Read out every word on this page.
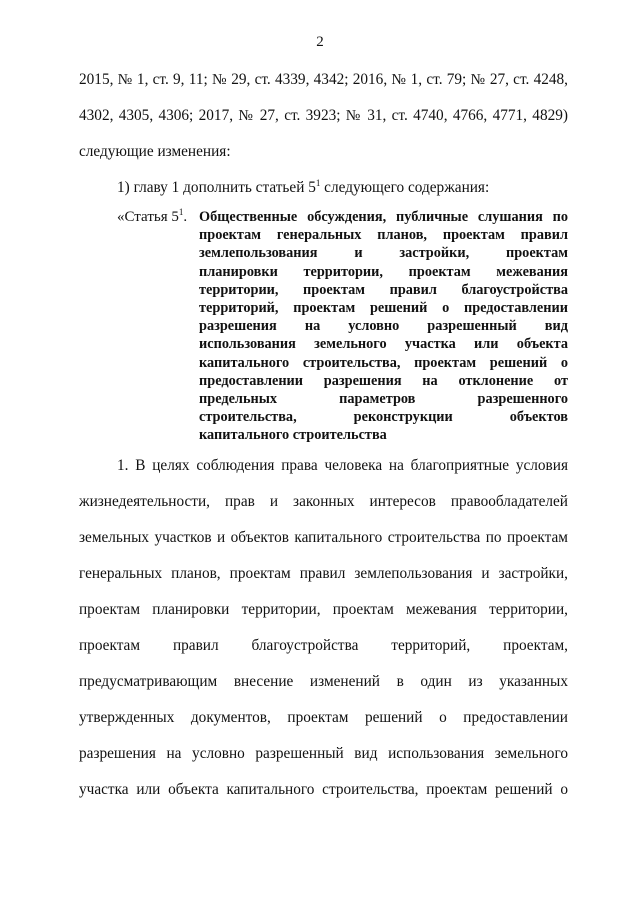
2
2015, № 1, ст. 9, 11; № 29, ст. 4339, 4342; 2016, № 1, ст. 79; № 27, ст. 4248,
4302, 4305, 4306; 2017, № 27, ст. 3923; № 31, ст. 4740, 4766, 4771, 4829)
следующие изменения:
1) главу 1 дополнить статьей $5^1$ следующего содержания:
«Статья $5^1$. Общественные обсуждения, публичные слушания по
проектам генеральных планов, проектам правил
землепользования и застройки, проектам
планировки территории, проектам межевания
территории, проектам правил благоустройства
территорий, проектам решений о предоставлении
разрешения на условно разрешенный вид
использования земельного участка или объекта
капитального строительства, проектам решений о
предоставлении разрешения на отклонение от
предельных параметров разрешенного
строительства, реконструкции объектов
капитального строительства
1. В целях соблюдения права человека на благоприятные условия
жизнедеятельности, прав и законных интересов правообладателей
земельных участков и объектов капитального строительства по проектам
генеральных планов, проектам правил землепользования и застройки,
проектам планировки территории, проектам межевания территории,
проектам правил благоустройства территорий, проектам,
предусматривающим внесение изменений в один из указанных
утвержденных документов, проектам решений о предоставлении
разрешения на условно разрешенный вид использования земельного
участка или объекта капитального строительства, проектам решений о
